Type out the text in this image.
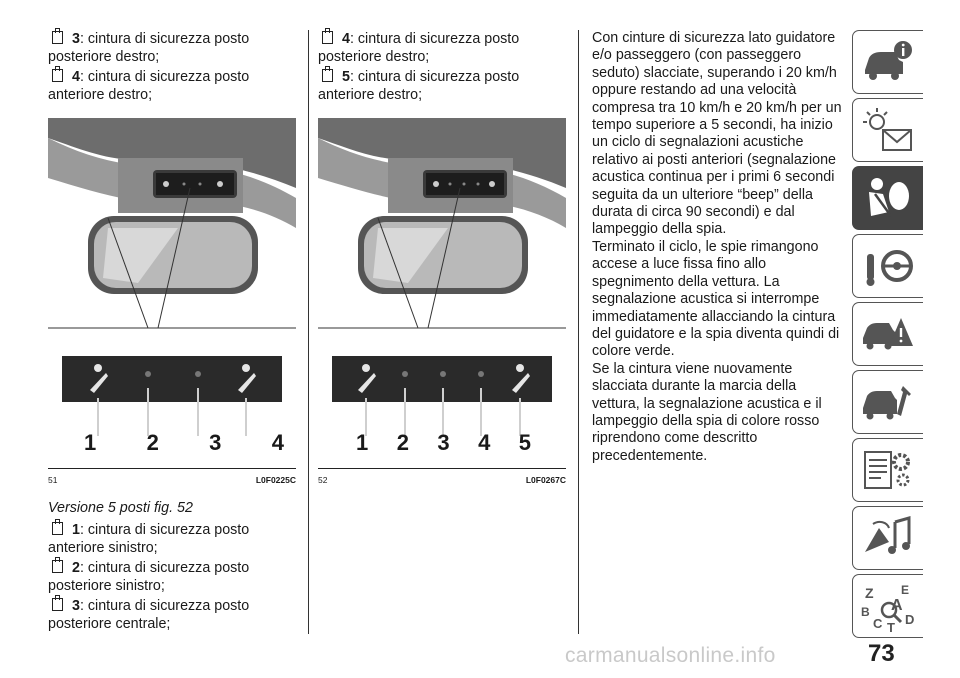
3: cintura di sicurezza posto posteriore destro;
4: cintura di sicurezza posto anteriore destro;
1 2 3 4
51	L0F0225C
Versione 5 posti fig. 52
1: cintura di sicurezza posto anteriore sinistro;
2: cintura di sicurezza posto posteriore sinistro;
3: cintura di sicurezza posto posteriore centrale;
4: cintura di sicurezza posto posteriore destro;
5: cintura di sicurezza posto anteriore destro;
1 2 3 4 5
52	L0F0267C

Con cinture di sicurezza lato guidatore e/o passeggero (con passeggero seduto) slacciate, superando i 20 km/h oppure restando ad una velocità compresa tra 10 km/h e 20 km/h per un tempo superiore a 5 secondi, ha inizio un ciclo di segnalazioni acustiche relativo ai posti anteriori (segnalazione acustica continua per i primi 6 secondi seguita da un ulteriore “beep” della durata di circa 90 secondi) e dal lampeggio della spia.

Terminato il ciclo, le spie rimangono accese a luce fissa fino allo spegnimento della vettura. La segnalazione acustica si interrompe immediatamente allacciando la cintura del guidatore e la spia diventa quindi di colore verde.

Se la cintura viene nuovamente slacciata durante la marcia della vettura, la segnalazione acustica e il lampeggio della spia di colore rosso riprendono come descritto precedentemente.

Z E
A
B
C D
T
73
carmanualsonline.info
